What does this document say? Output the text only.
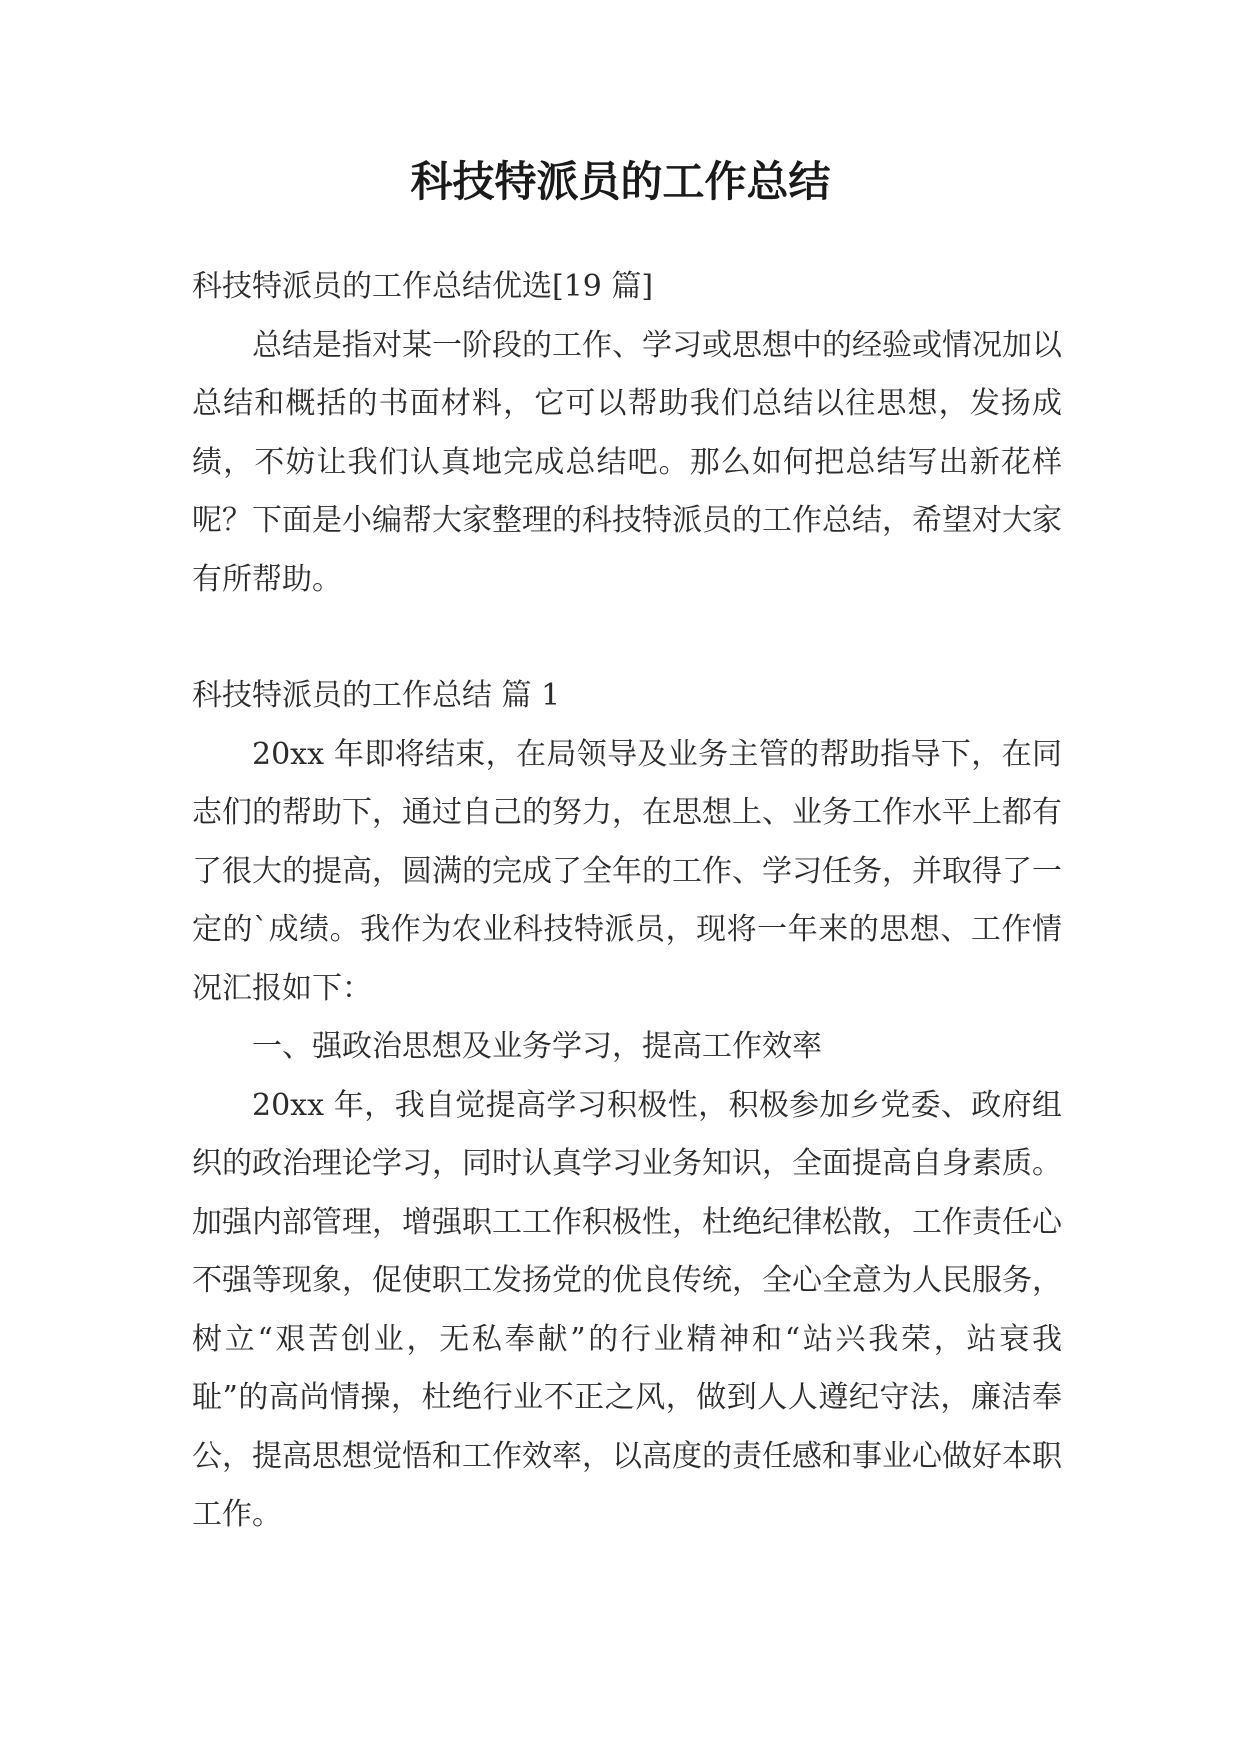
科技特派员的工作总结

科技特派员的工作总结优选[19 篇]

总结是指对某一阶段的工作、学习或思想中的经验或情况加以总结和概括的书面材料，它可以帮助我们总结以往思想，发扬成绩，不妨让我们认真地完成总结吧。那么如何把总结写出新花样呢？下面是小编帮大家整理的科技特派员的工作总结，希望对大家有所帮助。

科技特派员的工作总结 篇 1

20xx 年即将结束，在局领导及业务主管的帮助指导下，在同志们的帮助下，通过自己的努力，在思想上、业务工作水平上都有了很大的提高，圆满的完成了全年的工作、学习任务，并取得了一定的`成绩。我作为农业科技特派员，现将一年来的思想、工作情况汇报如下：

一、强政治思想及业务学习，提高工作效率

20xx 年，我自觉提高学习积极性，积极参加乡党委、政府组织的政治理论学习，同时认真学习业务知识，全面提高自身素质。加强内部管理，增强职工工作积极性，杜绝纪律松散，工作责任心不强等现象，促使职工发扬党的优良传统，全心全意为人民服务，树立“艰苦创业，无私奉献”的行业精神和“站兴我荣，站衰我耻”的高尚情操，杜绝行业不正之风，做到人人遵纪守法，廉洁奉公，提高思想觉悟和工作效率，以高度的责任感和事业心做好本职工作。
